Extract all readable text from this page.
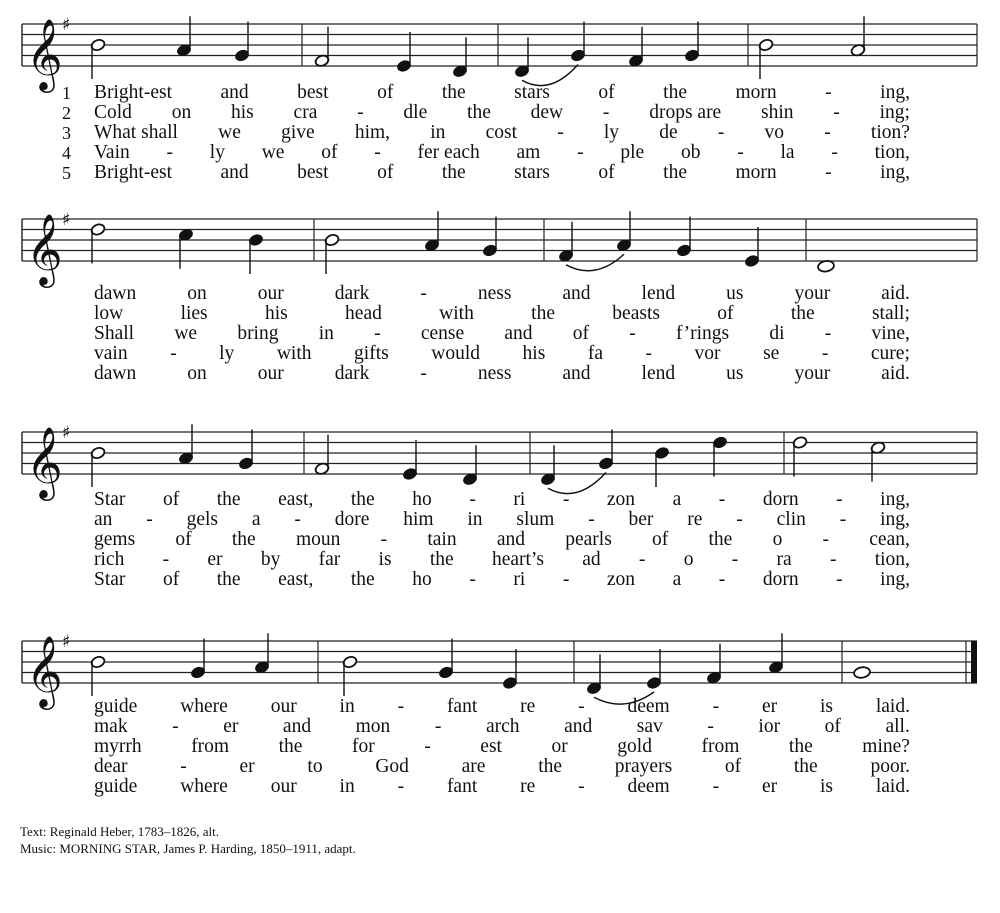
𝄞 ♯
1
2
3
4
5
Bright-est and best of the stars of the morn - ing,
Cold on his cra - dle the dew - drops are shin - ing;
What shall we give him, in cost - ly de - vo - tion?
Vain - ly we of - fer each am - ple ob - la - tion,
Bright-est and best of the stars of the morn - ing,
𝄞 ♯
dawn	on	our	dark	-	ness	and	lend	us	your	aid.
low	lies	his	head	with	the	beasts	of	the	stall;
Shall we bring in - cense and of - f’rings di - vine,
vain - ly with gifts would his fa - vor se - cure;
dawn	on	our	dark	-	ness	and	lend	us	your	aid.
𝄞 ♯
Star of the east, the ho - ri - zon a - dorn - ing,
an - gels a - dore him in slum - ber re - clin - ing,
gems of the moun - tain and pearls of the o - cean,
rich - er by far is the heart’s ad - o - ra - tion,
Star of the east, the ho - ri - zon a - dorn - ing,
𝄞 ♯
guide where our in - fant re - deem - er is laid.
mak - er and mon - arch and sav - ior of all.
myrrh	from	the	for	-	est	or	gold	from	the	mine?
dear	-	er	to	God	are	the	prayers	of	the	poor.
guide where our in - fant re - deem - er is laid.
Text: Reginald Heber, 1783–1826, alt.
Music: MORNING STAR, James P. Harding, 1850–1911, adapt.
